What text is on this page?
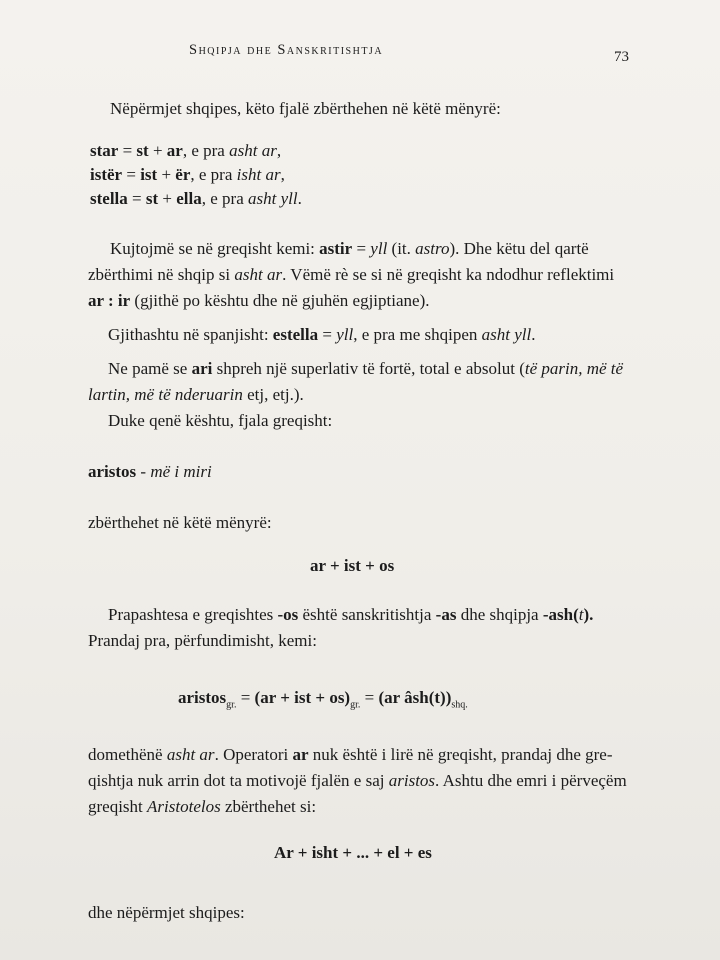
Shqipja dhe Sanskritishtja	73
Nëpërmjet shqipes, këto fjalë zbërthehen në këtë mënyrë:
star = st + ar, e pra asht ar,
istër = ist + ër, e pra isht ar,
stella = st + ella, e pra asht yll.
Kujtojmë se në greqisht kemi: astir = yll (it. astro). Dhe këtu del qartë
zbërthimi në shqip si asht ar. Vëmë rè se si në greqisht ka ndodhur reflektimi
ar : ir (gjithë po kështu dhe në gjuhën egjiptiane).
Gjithashtu në spanjisht: estella = yll, e pra me shqipen asht yll.
Ne pamë se ari shpreh një superlativ të fortë, total e absolut (të parin, më të
lartin, më të nderuarin etj, etj.).
Duke qenë kështu, fjala greqisht:
aristos - më i miri
zbërthehet në këtë mënyrë:
ar + ist + os
Prapashtesa e greqishtes -os është sanskritishtja -as dhe shqipja -ash(t).
Prandaj pra, përfundimisht, kemi:
aristos$_{gr.}$ = (ar + ist + $os)_{gr.} = (ar$ $âsh(t))_{shq.}$
domethënë asht ar. Operatori ar nuk është i lirë në greqisht, prandaj dhe gre-
qishtja nuk arrin dot ta motivojë fjalën e saj aristos. Ashtu dhe emri i përveçëm
greqisht Aristotelos zbërthehet si:
Ar + isht + ... + el + es
dhe nëpërmjet shqipes:
